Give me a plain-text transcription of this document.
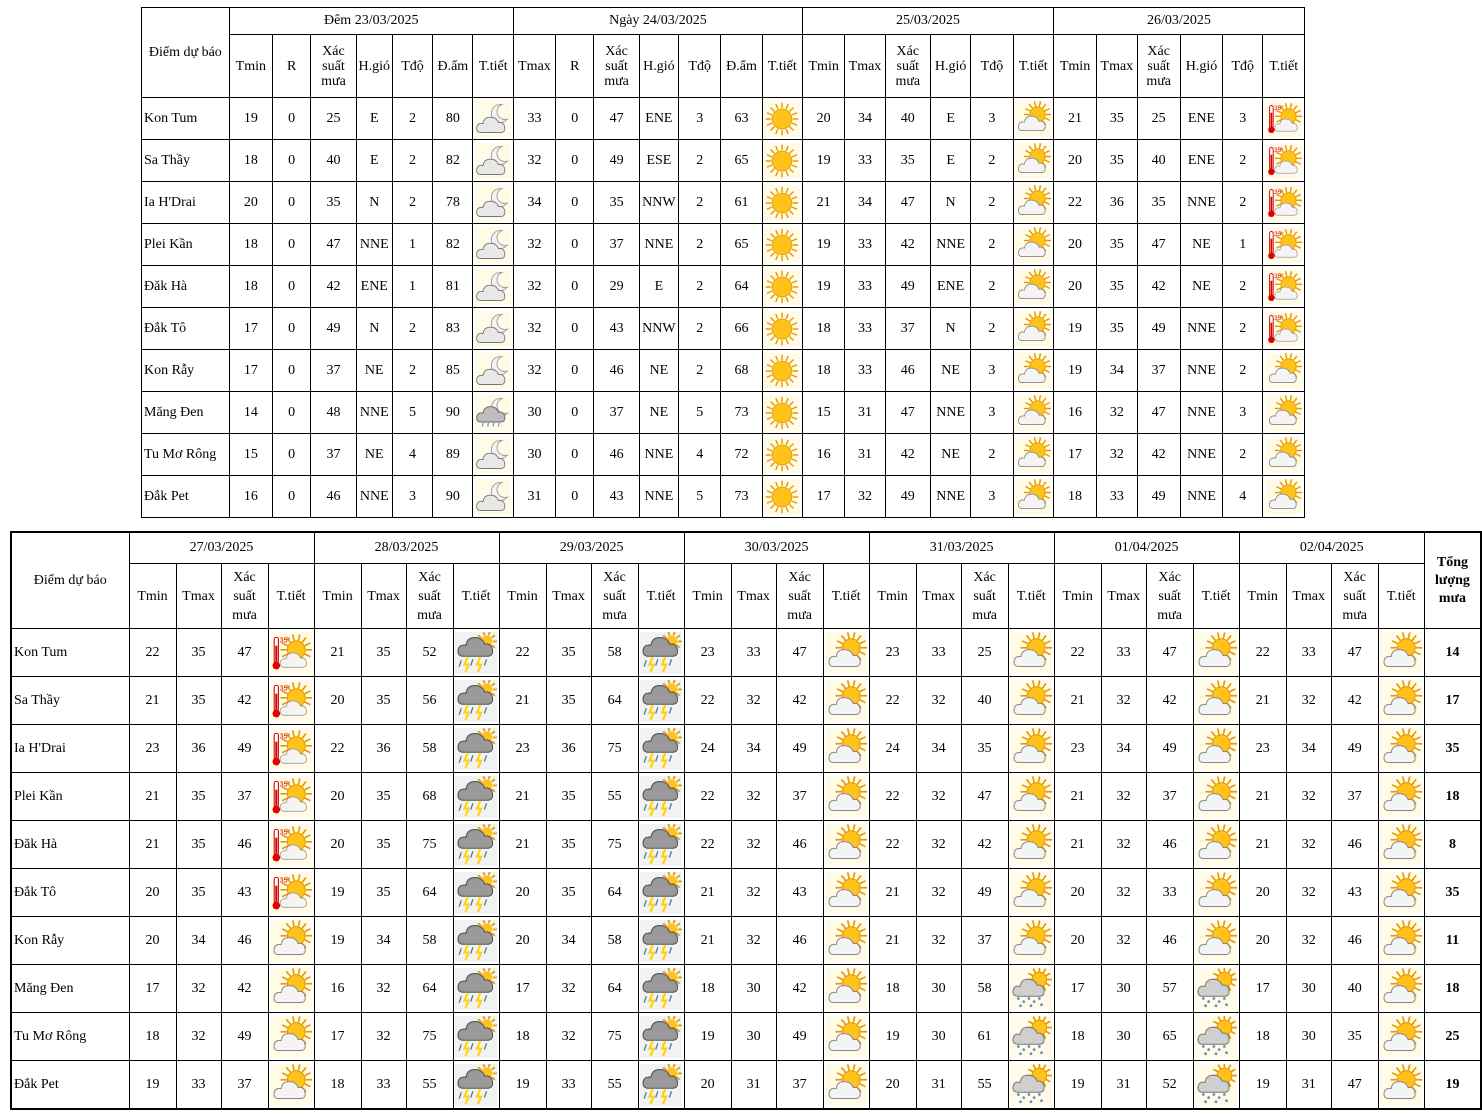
Điểm dự báo	Đêm 23/03/2025							Ngày 24/03/2025							25/03/2025						26/03/2025					
	Tmin	R	Xác suất mưa	H.gió	Tđộ	Đ.ẩm	T.tiết	Tmax	R	Xác suất mưa	H.gió	Tđộ	Đ.ẩm	T.tiết	Tmin	Tmax	Xác suất mưa	H.gió	Tđộ	T.tiết	Tmin	Tmax	Xác suất mưa	H.gió	Tđộ	T.tiết
Kon Tum	19	0	25	E	2	80		33	0	47	ENE	3	63		20	34	40	E	3		21	35	25	ENE	3	35°

Sa Thầy	18	0	40	E	2	82		32	0	49	ESE	2	65		19	33	35	E	2		20	35	40	ENE	2	35°

Ia H'Drai	20	0	35	N	2	78		34	0	35	NNW	2	61		21	34	47	N	2		22	36	35	NNE	2	35°

Plei Kần	18	0	47	NNE	1	82		32	0	37	NNE	2	65		19	33	42	NNE	2		20	35	47	NE	1	35°

Đăk Hà	18	0	42	ENE	1	81		32	0	29	E	2	64		19	33	49	ENE	2		20	35	42	NE	2	35°

Đắk Tô	17	0	49	N	2	83		32	0	43	NNW	2	66		18	33	37	N	2		19	35	49	NNE	2	35°

Kon Rẫy	17	0	37	NE	2	85		32	0	46	NE	2	68		18	33	46	NE	3		19	34	37	NNE	2	

Măng Đen	14	0	48	NNE	5	90		30	0	37	NE	5	73		15	31	47	NNE	3		16	32	47	NNE	3	

Tu Mơ Rông	15	0	37	NE	4	89		30	0	46	NNE	4	72		16	31	42	NE	2		17	32	42	NNE	2	

Đắk Pet	16	0	46	NNE	3	90		31	0	43	NNE	5	73		17	32	49	NNE	3		18	33	49	NNE	4	
Điểm dự báo	27/03/2025				28/03/2025				29/03/2025				30/03/2025				31/03/2025				01/04/2025				02/04/2025				Tổng lượng mưa
	Tmin	Tmax	Xác suất mưa	T.tiết	Tmin	Tmax	Xác suất mưa	T.tiết	Tmin	Tmax	Xác suất mưa	T.tiết	Tmin	Tmax	Xác suất mưa	T.tiết	Tmin	Tmax	Xác suất mưa	T.tiết	Tmin	Tmax	Xác suất mưa	T.tiết	Tmin	Tmax	Xác suất mưa	T.tiết	
Kon Tum	22	35	47	35°	21	35	52		22	35	58		23	33	47		23	33	25		22	33	47		22	33	47		14
Sa Thầy	21	35	42	35°	20	35	56		21	35	64		22	32	42		22	32	40		21	32	42		21	32	42		17
Ia H'Drai	23	36	49	35°	22	36	58		23	36	75		24	34	49		24	34	35		23	34	49		23	34	49		35
Plei Kần	21	35	37	35°	20	35	68		21	35	55		22	32	37		22	32	47		21	32	37		21	32	37		18
Đăk Hà	21	35	46	35°	20	35	75		21	35	75		22	32	46		22	32	42		21	32	46		21	32	46		8
Đắk Tô	20	35	43	35°	19	35	64		20	35	64		21	32	43		21	32	49		20	32	33		20	32	43		35
Kon Rẫy	20	34	46		19	34	58		20	34	58		21	32	46		21	32	37		20	32	46		20	32	46		11
Măng Đen	17	32	42		16	32	64		17	32	64		18	30	42		18	30	58		17	30	57		17	30	40		18
Tu Mơ Rông	18	32	49		17	32	75		18	32	75		19	30	49		19	30	61		18	30	65		18	30	35		25
Đắk Pet	19	33	37		18	33	55		19	33	55		20	31	37		20	31	55		19	31	52		19	31	47		19
